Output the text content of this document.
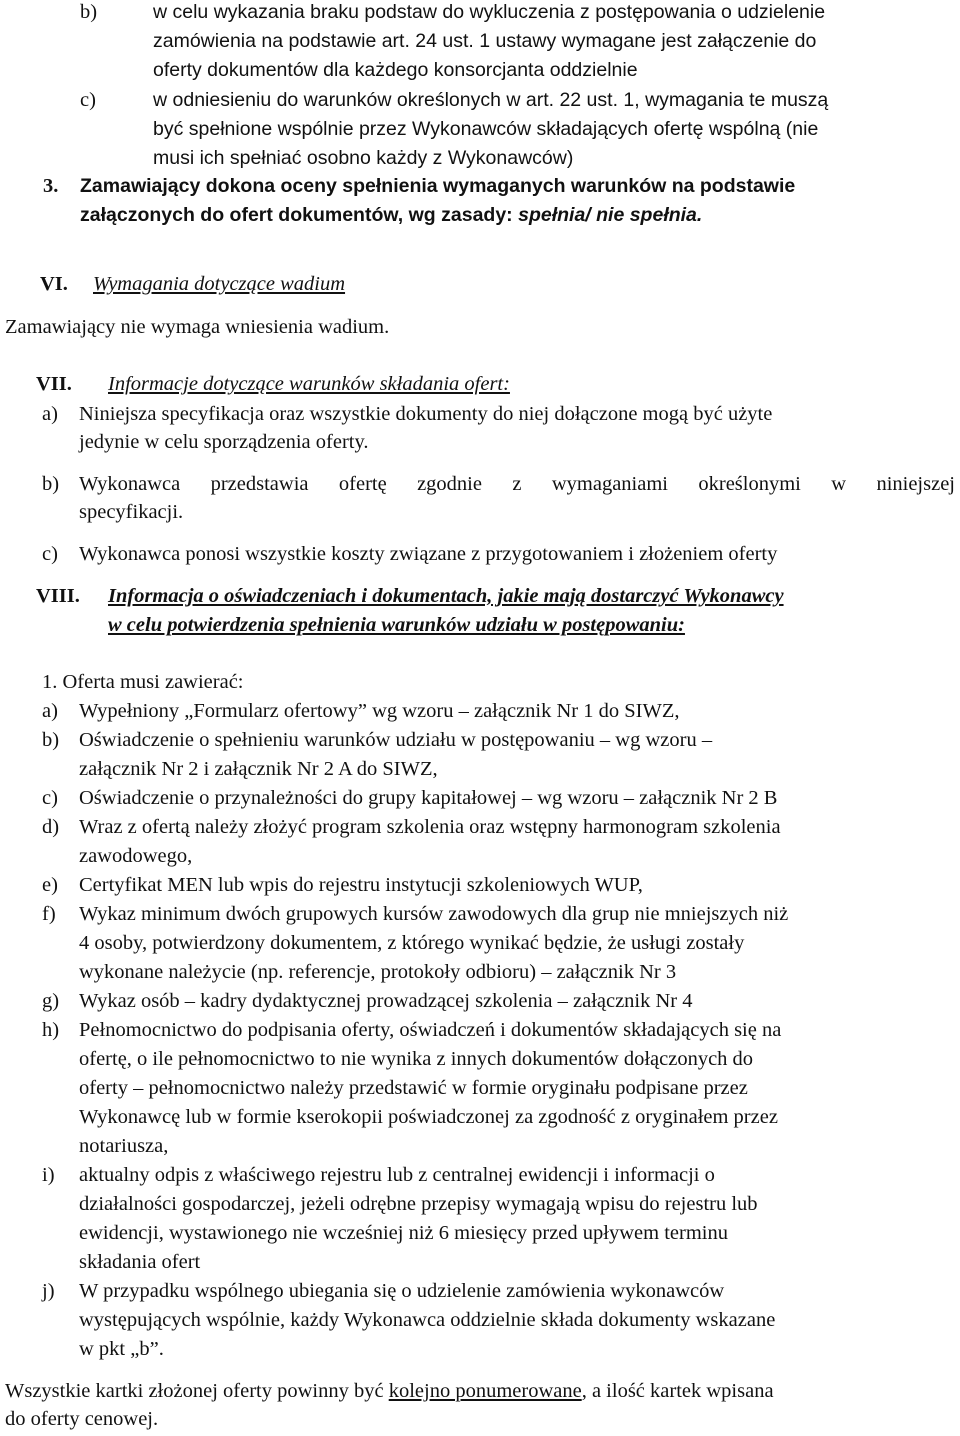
b)	w celu wykazania braku podstaw do wykluczenia z postępowania o udzielenie

zamówienia na podstawie art. 24 ust. 1 ustawy wymagane jest załączenie do

oferty dokumentów dla każdego konsorcjanta oddzielnie

c)	w odniesieniu do warunków określonych w art. 22 ust. 1, wymagania te muszą

być spełnione wspólnie przez Wykonawców składających ofertę wspólną (nie

musi ich spełniać osobno każdy z Wykonawców)

3. Zamawiający dokona oceny spełnienia wymaganych warunków na podstawie

załączonych do ofert dokumentów, wg zasady: spełnia/ nie spełnia.

VI. Wymagania dotyczące wadium

Zamawiający nie wymaga wniesienia wadium.

VII. Informacje dotyczące warunków składania ofert:

a) Niniejsza specyfikacja oraz wszystkie dokumenty do niej dołączone mogą być użyte

jedynie w celu sporządzenia oferty.

b) Wykonawca przedstawia ofertę zgodnie z wymaganiami określonymi w niniejszej

specyfikacji.

c) Wykonawca ponosi wszystkie koszty związane z przygotowaniem i złożeniem oferty

VIII. Informacja o oświadczeniach i dokumentach, jakie mają dostarczyć Wykonawcy

w celu potwierdzenia spełnienia warunków udziału w postępowaniu:

1. Oferta musi zawierać:

a) Wypełniony „Formularz ofertowy” wg wzoru – załącznik Nr 1 do SIWZ,

b) Oświadczenie o spełnieniu warunków udziału w postępowaniu – wg wzoru –

załącznik Nr 2 i załącznik Nr 2 A do SIWZ,

c) Oświadczenie o przynależności do grupy kapitałowej – wg wzoru – załącznik Nr 2 B

d) Wraz z ofertą należy złożyć program szkolenia oraz wstępny harmonogram szkolenia

zawodowego,

e) Certyfikat MEN lub wpis do rejestru instytucji szkoleniowych WUP,

f) Wykaz minimum dwóch grupowych kursów zawodowych dla grup nie mniejszych niż

4 osoby, potwierdzony dokumentem, z którego wynikać będzie, że usługi zostały

wykonane należycie (np. referencje, protokoły odbioru) – załącznik Nr 3

g) Wykaz osób – kadry dydaktycznej prowadzącej szkolenia – załącznik Nr 4

h) Pełnomocnictwo do podpisania oferty, oświadczeń i dokumentów składających się na

ofertę, o ile pełnomocnictwo to nie wynika z innych dokumentów dołączonych do

oferty – pełnomocnictwo należy przedstawić w formie oryginału podpisane przez

Wykonawcę lub w formie kserokopii poświadczonej za zgodność z oryginałem przez

notariusza,

i) aktualny odpis z właściwego rejestru lub z centralnej ewidencji i informacji o

działalności gospodarczej, jeżeli odrębne przepisy wymagają wpisu do rejestru lub

ewidencji, wystawionego nie wcześniej niż 6 miesięcy przed upływem terminu

składania ofert

j) W przypadku wspólnego ubiegania się o udzielenie zamówienia wykonawców

występujących wspólnie, każdy Wykonawca oddzielnie składa dokumenty wskazane

w pkt „b”.

Wszystkie kartki złożonej oferty powinny być kolejno ponumerowane, a ilość kartek wpisana

do oferty cenowej.
